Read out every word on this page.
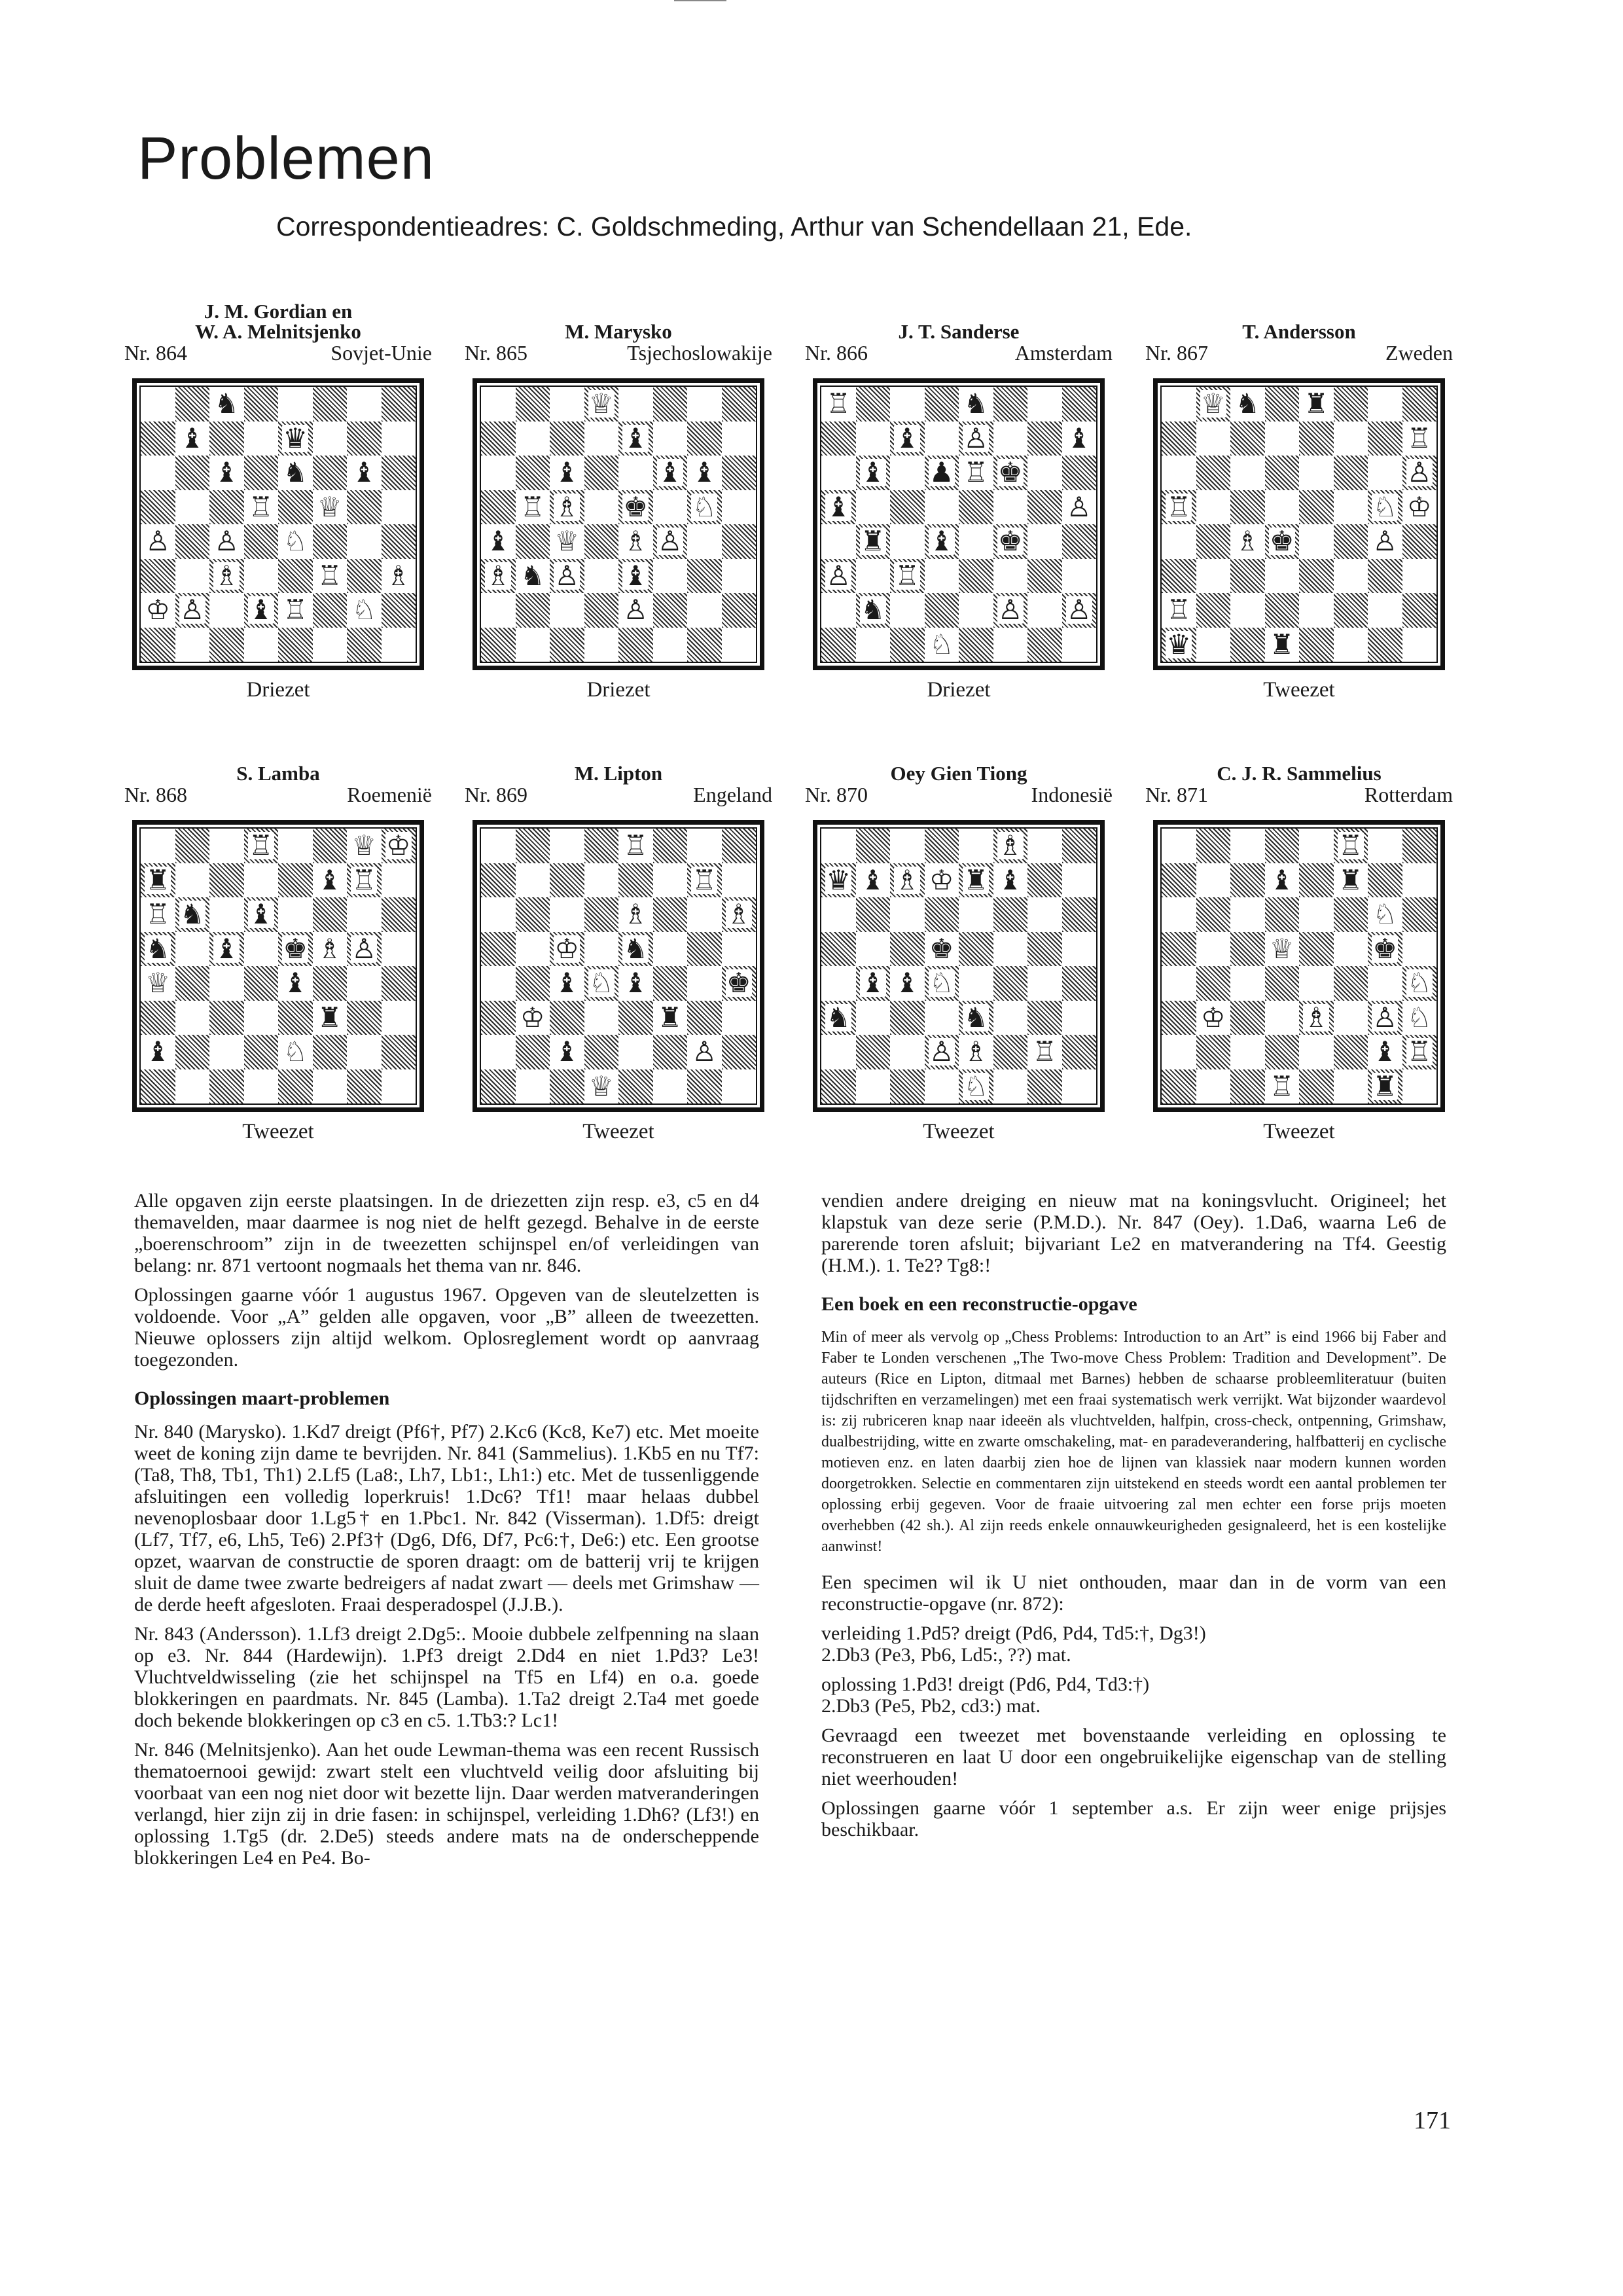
Problemen

Correspondentieadres: C. Goldschmeding, Arthur van Schendellaan 21, Ede.

J. M. Gordian en
W. A. Melnitsjenko
Nr. 864	Sovjet-Unie
♞
♝	♛
♝ ♞ ♝
♖ ♕
♙ ♙ ♘
♗	♖ ♗
♔ ♙ ♝ ♖ ♘
Driezet
M. Marysko
Nr. 865	Tsjechoslowakije
♕
♝
♝	♝ ♝
♖ ♗ ♚ ♘
♝ ♕ ♗ ♙
♗ ♞ ♙ ♝
♙
Driezet
J. T. Sanderse
Nr. 866	Amsterdam
♖	♞
♝ ♙	♝
♝ ♟ ♖ ♚
♝	♙
♜ ♝ ♚
♙ ♖
♞	♙ ♙
♘
Driezet
T. Andersson
Nr. 867	Zweden
♕ ♞ ♜
♖
♙
♖	♘ ♔
♗ ♚	♙
♖
♛	♜
Tweezet
S. Lamba
Nr. 868	Roemenië
♖	♕ ♔
♜	♝ ♖
♖ ♞ ♝
♞ ♝ ♚ ♗ ♙
♕	♝
♜
♝	♘
Tweezet
M. Lipton
Nr. 869	Engeland
♖
♖
♗	♗
♔ ♞
♝ ♘ ♝	♚
♔	♜
♝	♙
♕
Tweezet
Oey Gien Tiong
Nr. 870	Indonesië
♗
♛ ♝ ♗ ♔ ♜ ♝
♚
♝ ♝ ♘
♞	♞
♙ ♗ ♖
♘
Tweezet
C. J. R. Sammelius
Nr. 871	Rotterdam
♖
♝ ♜
♘
♕	♚
♘
♔	♗ ♙ ♘
♝ ♖
♖	♜
Tweezet

Alle opgaven zijn eerste plaatsingen. In de driezetten zijn resp. e3, c5 en d4 themavelden, maar daarmee is nog niet de helft gezegd. Behalve in de eerste „boerenschroom” zijn in de tweezetten schijnspel en/of verleidingen van belang: nr. 871 vertoont nogmaals het thema van nr. 846.

Oplossingen gaarne vóór 1 augustus 1967. Opgeven van de sleutelzetten is voldoende. Voor „A” gelden alle opgaven, voor „B” alleen de tweezetten. Nieuwe oplossers zijn altijd welkom. Oplosreglement wordt op aanvraag toegezonden.

Oplossingen maart-problemen

Nr. 840 (Marysko). 1.Kd7 dreigt (Pf6†, Pf7) 2.Kc6 (Kc8, Ke7) etc. Met moeite weet de koning zijn dame te bevrijden. Nr. 841 (Sammelius). 1.Kb5 en nu Tf7: (Ta8, Th8, Tb1, Th1) 2.Lf5 (La8:, Lh7, Lb1:, Lh1:) etc. Met de tussenliggende afsluitingen een volledig loperkruis! 1.Dc6? Tf1! maar helaas dubbel nevenoplosbaar door 1.Lg5† en 1.Pbc1. Nr. 842 (Visserman). 1.Df5: dreigt (Lf7, Tf7, e6, Lh5, Te6) 2.Pf3† (Dg6, Df6, Df7, Pc6:†, De6:) etc. Een grootse opzet, waarvan de constructie de sporen draagt: om de batterij vrij te krijgen sluit de dame twee zwarte bedreigers af nadat zwart — deels met Grimshaw — de derde heeft afgesloten. Fraai desperadospel (J.J.B.).

Nr. 843 (Andersson). 1.Lf3 dreigt 2.Dg5:. Mooie dubbele zelfpenning na slaan op e3. Nr. 844 (Hardewijn). 1.Pf3 dreigt 2.Dd4 en niet 1.Pd3? Le3! Vluchtveldwisseling (zie het schijnspel na Tf5 en Lf4) en o.a. goede blokkeringen en paardmats. Nr. 845 (Lamba). 1.Ta2 dreigt 2.Ta4 met goede doch bekende blokkeringen op c3 en c5. 1.Tb3:? Lc1!

Nr. 846 (Melnitsjenko). Aan het oude Lewman-thema was een recent Russisch thematoernooi gewijd: zwart stelt een vluchtveld veilig door afsluiting bij voorbaat van een nog niet door wit bezette lijn. Daar werden matveranderingen verlangd, hier zijn zij in drie fasen: in schijnspel, verleiding 1.Dh6? (Lf3!) en oplossing 1.Tg5 (dr. 2.De5) steeds andere mats na de onderscheppende blokkeringen Le4 en Pe4. Bo-

vendien andere dreiging en nieuw mat na koningsvlucht. Origineel; het klapstuk van deze serie (P.M.D.). Nr. 847 (Oey). 1.Da6, waarna Le6 de parerende toren afsluit; bijvariant Le2 en matverandering na Tf4. Geestig (H.M.). 1. Te2? Tg8:!

Een boek en een reconstructie-opgave

Min of meer als vervolg op „Chess Problems: Introduction to an Art” is eind 1966 bij Faber and Faber te Londen verschenen „The Two-move Chess Problem: Tradition and Development”. De auteurs (Rice en Lipton, ditmaal met Barnes) hebben de schaarse probleemliteratuur (buiten tijdschriften en verzamelingen) met een fraai systematisch werk verrijkt. Wat bijzonder waardevol is: zij rubriceren knap naar ideeën als vluchtvelden, halfpin, cross-check, ontpenning, Grimshaw, dualbestrijding, witte en zwarte omschakeling, mat- en paradeverandering, halfbatterij en cyclische motieven enz. en laten daarbij zien hoe de lijnen van klassiek naar modern kunnen worden doorgetrokken. Selectie en commentaren zijn uitstekend en steeds wordt een aantal problemen ter oplossing erbij gegeven. Voor de fraaie uitvoering zal men echter een forse prijs moeten overhebben (42 sh.). Al zijn reeds enkele onnauwkeurigheden gesignaleerd, het is een kostelijke aanwinst!

Een specimen wil ik U niet onthouden, maar dan in de vorm van een reconstructie-opgave (nr. 872):

verleiding 1.Pd5? dreigt (Pd6, Pd4, Td5:†, Dg3!)

2.Db3 (Pe3, Pb6, Ld5:, ??) mat.

oplossing 1.Pd3! dreigt (Pd6, Pd4, Td3:†)

2.Db3 (Pe5, Pb2, cd3:) mat.

Gevraagd een tweezet met bovenstaande verleiding en oplossing te reconstrueren en laat U door een ongebruikelijke eigenschap van de stelling niet weerhouden!

Oplossingen gaarne vóór 1 september a.s. Er zijn weer enige prijsjes beschikbaar.

171
